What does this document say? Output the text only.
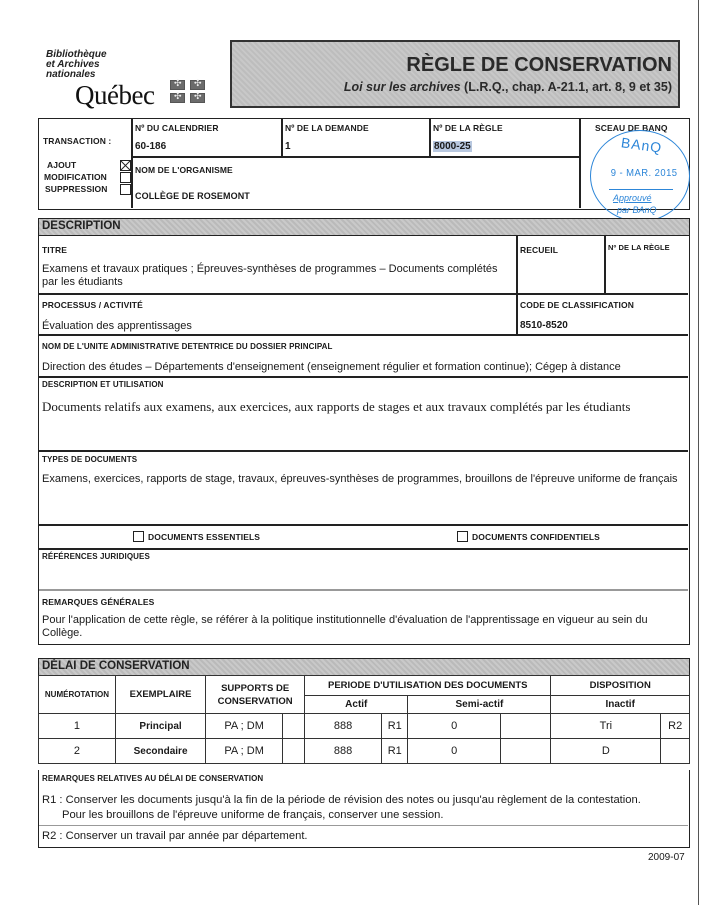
Bibliothèque
et Archives
nationales
Québec
✣
✣
✣
✣
RÈGLE DE CONSERVATION
Loi sur les archives (L.R.Q., chap. A-21.1, art. 8, 9 et 35)
TRANSACTION :
AJOUT
MODIFICATION
SUPPRESSION
Nº DU CALENDRIER
60-186
Nº DE LA DEMANDE
1
Nº DE LA RÈGLE
8000-25
NOM DE L'ORGANISME
COLLÈGE DE ROSEMONT
SCEAU DE BANQ
BAnQ
9 - MAR. 2015
Approuvé
par BAnQ
DESCRIPTION
TITRE
Examens et travaux pratiques ; Épreuves-synthèses de programmes – Documents complétés par les étudiants
RECUEIL	Nº DE LA RÈGLE
PROCESSUS / ACTIVITÉ
Évaluation des apprentissages
CODE DE CLASSIFICATION
8510-8520
NOM DE L'UNITE ADMINISTRATIVE DETENTRICE DU DOSSIER PRINCIPAL
Direction des études – Départements d'enseignement (enseignement régulier et formation continue); Cégep à distance
DESCRIPTION ET UTILISATION
Documents relatifs aux examens, aux exercices, aux rapports de stages et aux travaux complétés par les étudiants
TYPES DE DOCUMENTS
Examens, exercices, rapports de stage, travaux, épreuves-synthèses de programmes, brouillons de l'épreuve uniforme de français
DOCUMENTS ESSENTIELS	DOCUMENTS CONFIDENTIELS
RÉFÉRENCES JURIDIQUES
REMARQUES GÉNÉRALES
Pour l'application de cette règle, se référer à la politique institutionnelle d'évaluation de l'apprentissage en vigueur au sein du Collège.
DÉLAI DE CONSERVATION
NUMÉROTATION	EXEMPLAIRE	SUPPORTS DE CONSERVATION		PERIODE D'UTILISATION DES DOCUMENTS				DISPOSITION	
				Actif		Semi-actif		Inactif	
1	Principal	PA ; DM		888	R1	0		Tri	R2
2	Secondaire	PA ; DM		888	R1	0		D	
REMARQUES RELATIVES AU DÉLAI DE CONSERVATION
R1 : Conserver les documents jusqu'à la fin de la période de révision des notes ou jusqu'au règlement de la contestation.
Pour les brouillons de l'épreuve uniforme de français, conserver une session.
R2 : Conserver un travail par année par département.
2009-07
